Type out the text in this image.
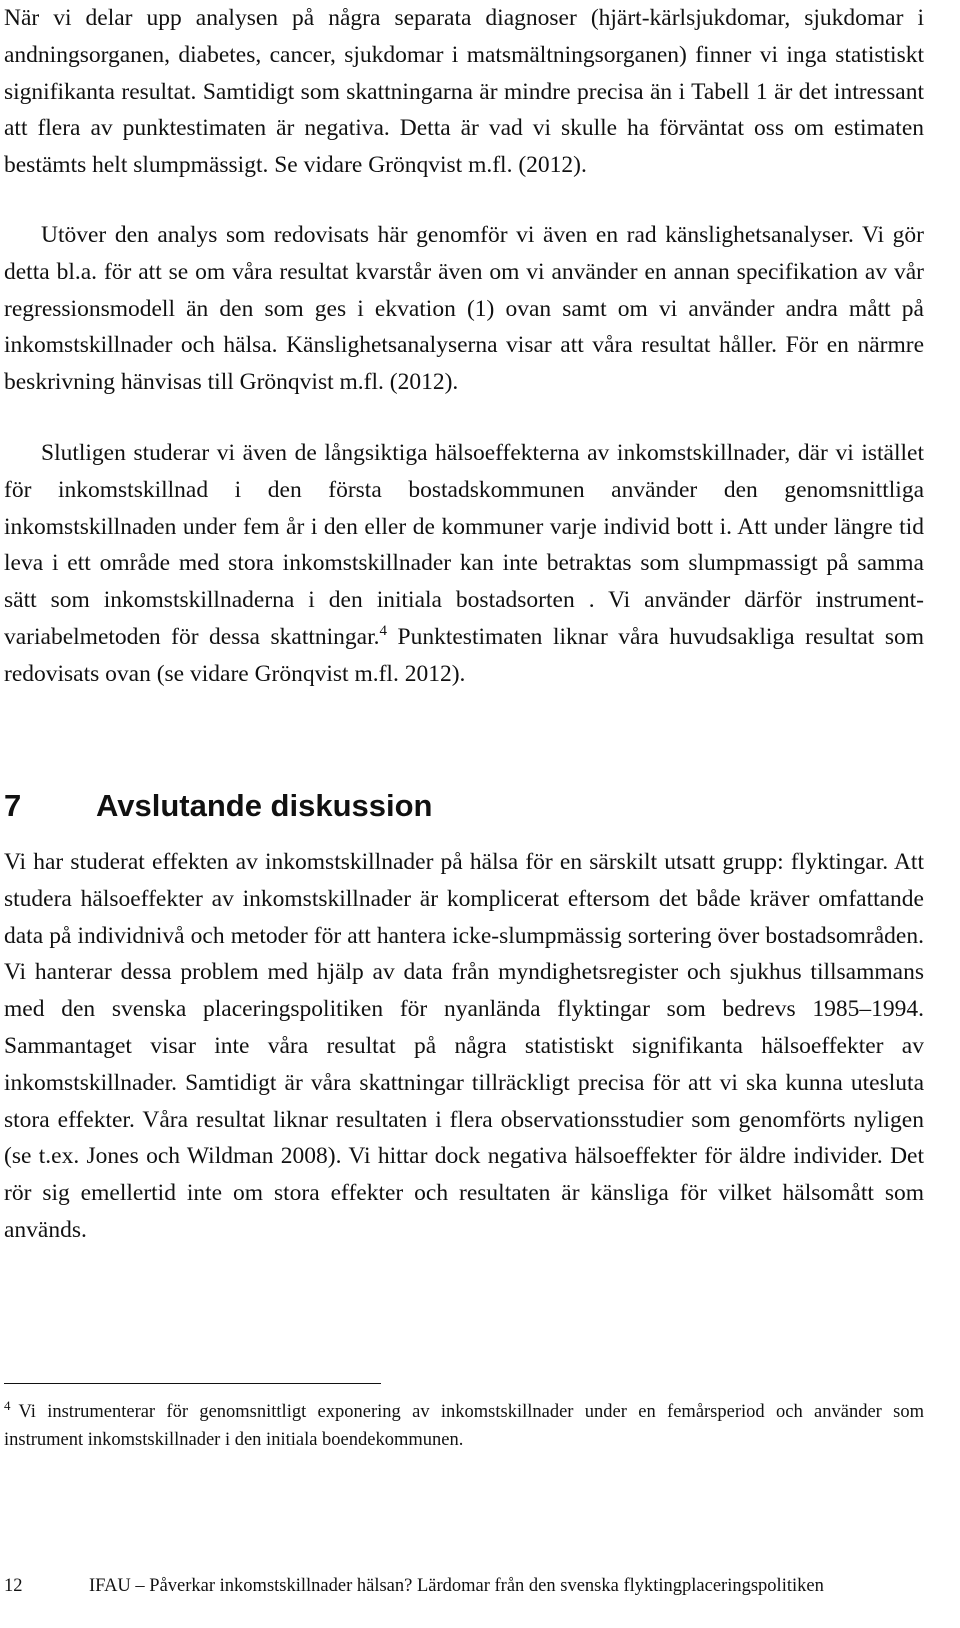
När vi delar upp analysen på några separata diagnoser (hjärt-kärlsjukdomar, sjukdomar i andningsorganen, diabetes, cancer, sjukdomar i matsmältningsorganen) finner vi inga statistiskt signifikanta resultat. Samtidigt som skattningarna är mindre precisa än i Tabell 1 är det intressant att flera av punktestimaten är negativa. Detta är vad vi skulle ha förväntat oss om estimaten bestämts helt slumpmässigt. Se vidare Grönqvist m.fl. (2012).

Utöver den analys som redovisats här genomför vi även en rad känslighetsanalyser. Vi gör detta bl.a. för att se om våra resultat kvarstår även om vi använder en annan specifikation av vår regressionsmodell än den som ges i ekvation (1) ovan samt om vi använder andra mått på inkomstskillnader och hälsa. Känslighetsanalyserna visar att våra resultat håller. För en närmre beskrivning hänvisas till Grönqvist m.fl. (2012).

Slutligen studerar vi även de långsiktiga hälsoeffekterna av inkomstskillnader, där vi istället för inkomstskillnad i den första bostadskommunen använder den genomsnittliga inkomstskillnaden under fem år i den eller de kommuner varje individ bott i. Att under längre tid leva i ett område med stora inkomstskillnader kan inte betraktas som slumpmassigt på samma sätt som inkomstskillnaderna i den initiala bostadsorten . Vi använder därför instrumentvariabelmetoden för dessa skattningar.$^4$ Punktestimaten liknar våra huvudsakliga resultat som redovisats ovan (se vidare Grönqvist m.fl. 2012).

7 Avslutande diskussion

Vi har studerat effekten av inkomstskillnader på hälsa för en särskilt utsatt grupp: flyktingar. Att studera hälsoeffekter av inkomstskillnader är komplicerat eftersom det både kräver omfattande data på individnivå och metoder för att hantera icke-slumpmässig sortering över bostadsområden. Vi hanterar dessa problem med hjälp av data från myndighetsregister och sjukhus tillsammans med den svenska placeringspolitiken för nyanlända flyktingar som bedrevs 1985–1994. Sammantaget visar inte våra resultat på några statistiskt signifikanta hälsoeffekter av inkomstskillnader. Samtidigt är våra skattningar tillräckligt precisa för att vi ska kunna utesluta stora effekter. Våra resultat liknar resultaten i flera observationsstudier som genomförts nyligen (se t.ex. Jones och Wildman 2008). Vi hittar dock negativa hälsoeffekter för äldre individer. Det rör sig emellertid inte om stora effekter och resultaten är känsliga för vilket hälsomått som används.

$^4$ Vi instrumenterar för genomsnittligt exponering av inkomstskillnader under en femårsperiod och använder som instrument inkomstskillnader i den initiala boendekommunen.

12	IFAU – Påverkar inkomstskillnader hälsan? Lärdomar från den svenska flyktingplaceringspolitiken
